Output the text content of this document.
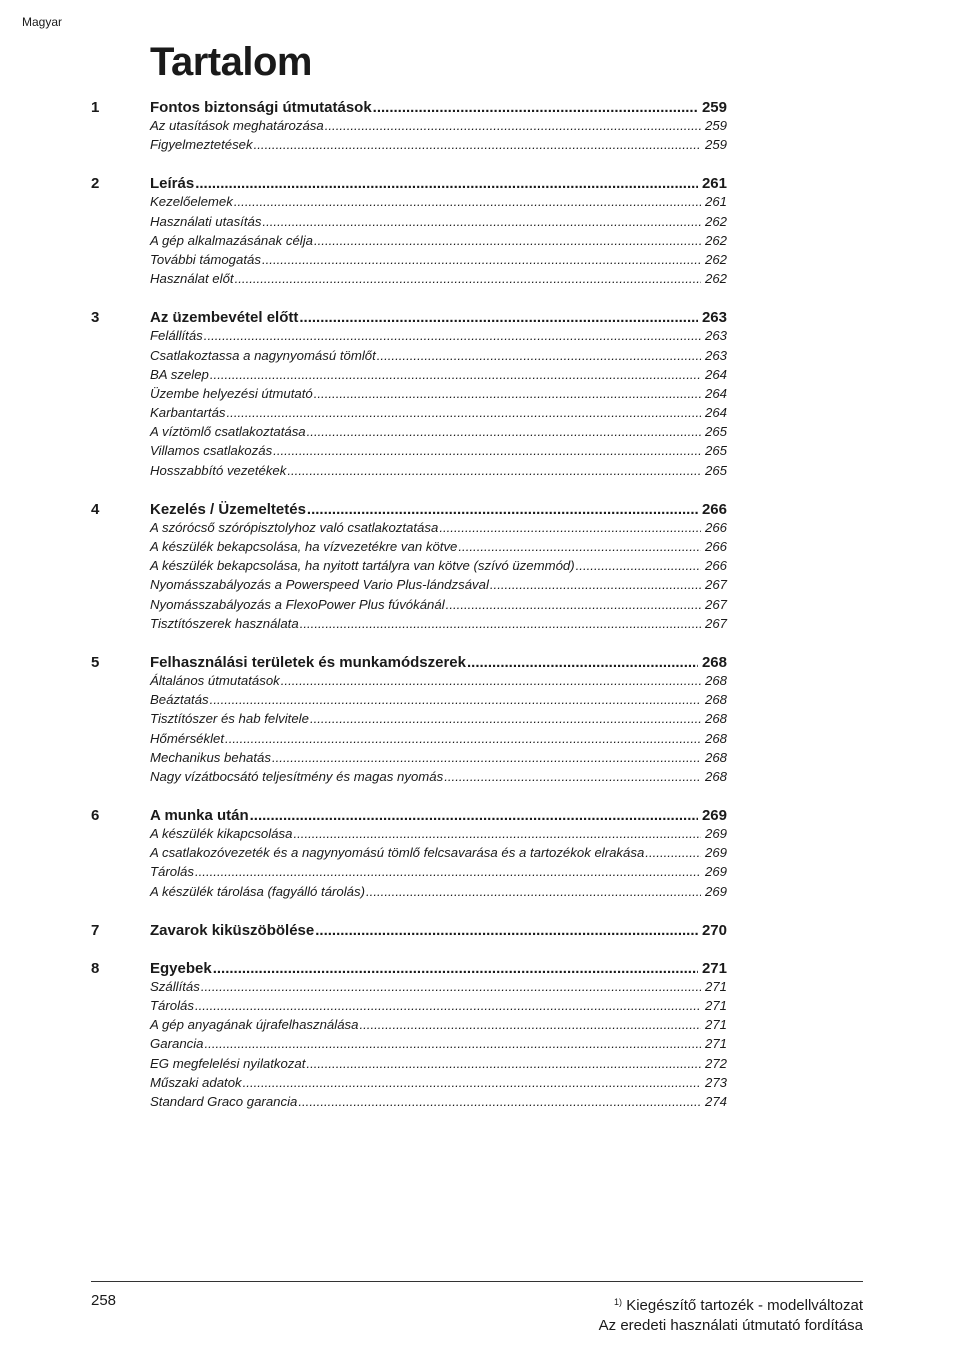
Magyar
Tartalom
1	Fontos biztonsági útmutatások .....	259
Az utasítások meghatározása .....	259
Figyelmeztetések .....	259
2	Leírás .....	261
Kezelőelemek .....	261
Használati utasítás .....	262
A gép alkalmazásának célja .....	262
További támogatás .....	262
Használat előt .....	262
3	Az üzembevétel előtt .....	263
Felállítás .....	263
Csatlakoztassa a nagynyomású tömlőt .....	263
BA szelep .....	264
Üzembe helyezési útmutató .....	264
Karbantartás .....	264
A víztömlő csatlakoztatása .....	265
Villamos csatlakozás .....	265
Hosszabbító vezetékek .....	265
4	Kezelés / Üzemeltetés .....	266
A szórócső szórópisztolyhoz való csatlakoztatása .....	266
A készülék bekapcsolása, ha vízvezetékre van kötve .....	266
A készülék bekapcsolása, ha nyitott tartályra van kötve (szívó üzemmód) .....	266
Nyomásszabályozás a Powerspeed Vario Plus-lándzsával .....	267
Nyomásszabályozás a FlexoPower Plus fúvókánál .....	267
Tisztítószerek használata .....	267
5	Felhasználási területek és munkamódszerek .....	268
Általános útmutatások .....	268
Beáztatás .....	268
Tisztítószer és hab felvitele .....	268
Hőmérséklet .....	268
Mechanikus behatás .....	268
Nagy vízátbocsátó teljesítmény és magas nyomás .....	268
6	A munka után .....	269
A készülék kikapcsolása .....	269
A csatlakozóvezeték és a nagynyomású tömlő felcsavarása és a tartozékok elrakása .....	269
Tárolás .....	269
A készülék tárolása (fagyálló tárolás) .....	269
7	Zavarok kiküszöbölése .....	270
8	Egyebek .....	271
Szállítás .....	271
Tárolás .....	271
A gép anyagának újrafelhasználása .....	271
Garancia .....	271
EG megfelelési nyilatkozat .....	272
Műszaki adatok .....	273
Standard Graco garancia .....	274
258	$^{1)}$ Kiegészítő tartozék - modellváltozat
Az eredeti használati útmutató fordítása
